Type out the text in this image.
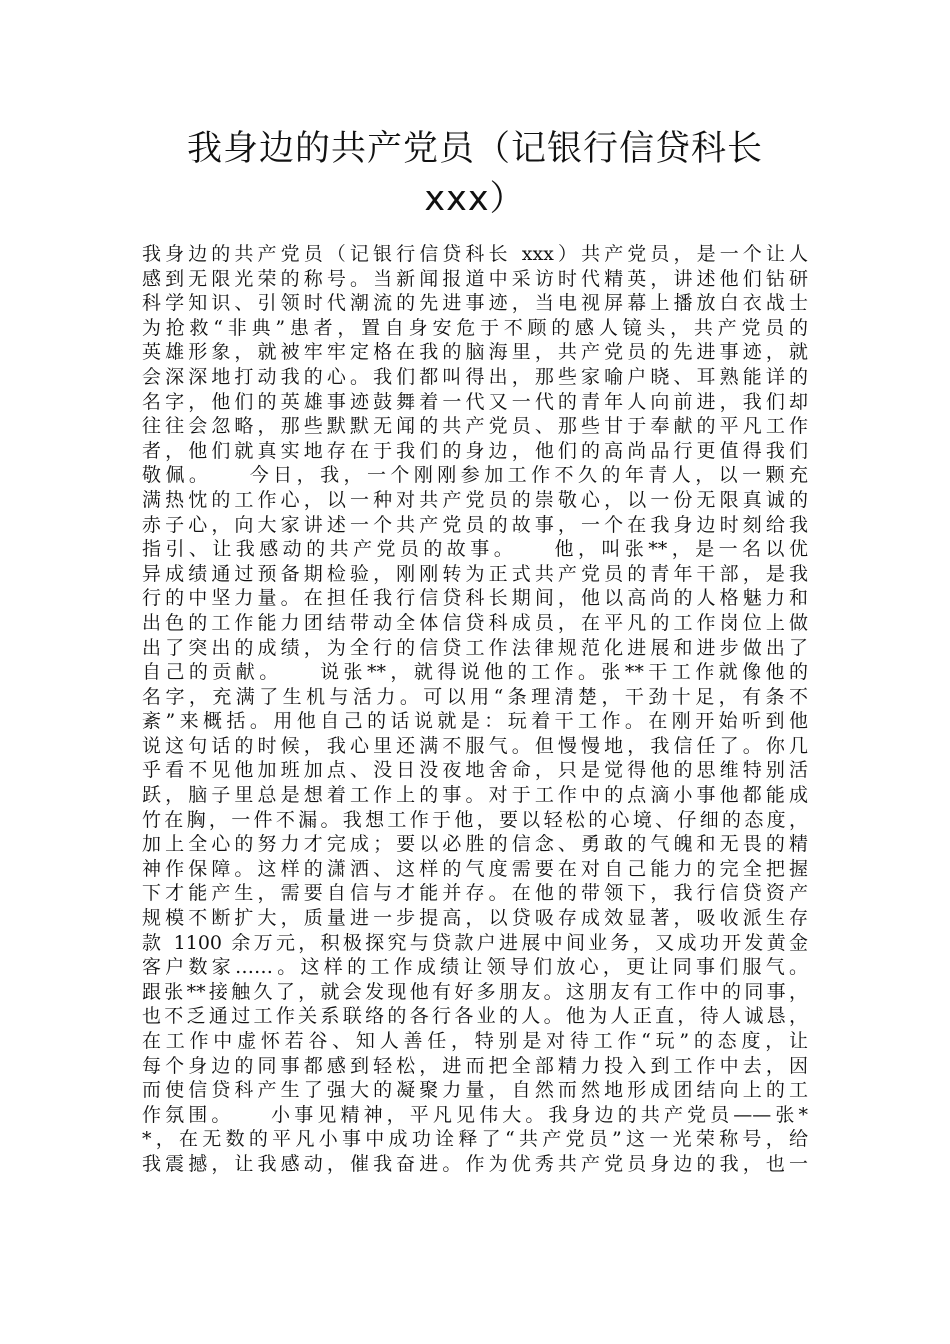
我身边的共产党员（记银行信贷科长
xxx）
我身边的共产党员（记银行信贷科长 xxx）共产党员，是一个让人
感到无限光荣的称号。当新闻报道中采访时代精英，讲述他们钻研
科学知识、引领时代潮流的先进事迹，当电视屏幕上播放白衣战士
为抢救“非典”患者，置自身安危于不顾的感人镜头，共产党员的
英雄形象，就被牢牢定格在我的脑海里，共产党员的先进事迹，就
会深深地打动我的心。我们都叫得出，那些家喻户晓、耳熟能详的
名字，他们的英雄事迹鼓舞着一代又一代的青年人向前进，我们却
往往会忽略，那些默默无闻的共产党员、那些甘于奉献的平凡工作
者，他们就真实地存在于我们的身边，他们的高尚品行更值得我们
敬佩。　　今日，我，一个刚刚参加工作不久的年青人，以一颗充
满热忱的工作心，以一种对共产党员的崇敬心，以一份无限真诚的
赤子心，向大家讲述一个共产党员的故事，一个在我身边时刻给我
指引、让我感动的共产党员的故事。　　他，叫张**，是一名以优
异成绩通过预备期检验，刚刚转为正式共产党员的青年干部，是我
行的中坚力量。在担任我行信贷科长期间，他以高尚的人格魅力和
出色的工作能力团结带动全体信贷科成员，在平凡的工作岗位上做
出了突出的成绩，为全行的信贷工作法律规范化进展和进步做出了
自己的贡献。　　说张**，就得说他的工作。张**干工作就像他的
名字，充满了生机与活力。可以用“条理清楚，干劲十足，有条不
紊”来概括。用他自己的话说就是：玩着干工作。在刚开始听到他
说这句话的时候，我心里还满不服气。但慢慢地，我信任了。你几
乎看不见他加班加点、没日没夜地舍命，只是觉得他的思维特别活
跃，脑子里总是想着工作上的事。对于工作中的点滴小事他都能成
竹在胸，一件不漏。我想工作于他，要以轻松的心境、仔细的态度，
加上全心的努力才完成；要以必胜的信念、勇敢的气魄和无畏的精
神作保障。这样的潇洒、这样的气度需要在对自己能力的完全把握
下才能产生，需要自信与才能并存。在他的带领下，我行信贷资产
规模不断扩大，质量进一步提高，以贷吸存成效显著，吸收派生存
款 1100 余万元，积极探究与贷款户进展中间业务，又成功开发黄金
客户数家……。这样的工作成绩让领导们放心，更让同事们服气。
跟张**接触久了，就会发现他有好多朋友。这朋友有工作中的同事，
也不乏通过工作关系联络的各行各业的人。他为人正直，待人诚恳，
在工作中虚怀若谷、知人善任，特别是对待工作“玩”的态度，让
每个身边的同事都感到轻松，进而把全部精力投入到工作中去，因
而使信贷科产生了强大的凝聚力量，自然而然地形成团结向上的工
作氛围。　　小事见精神，平凡见伟大。我身边的共产党员——张*
*，在无数的平凡小事中成功诠释了“共产党员”这一光荣称号，给
我震撼，让我感动，催我奋进。作为优秀共产党员身边的我，也一
